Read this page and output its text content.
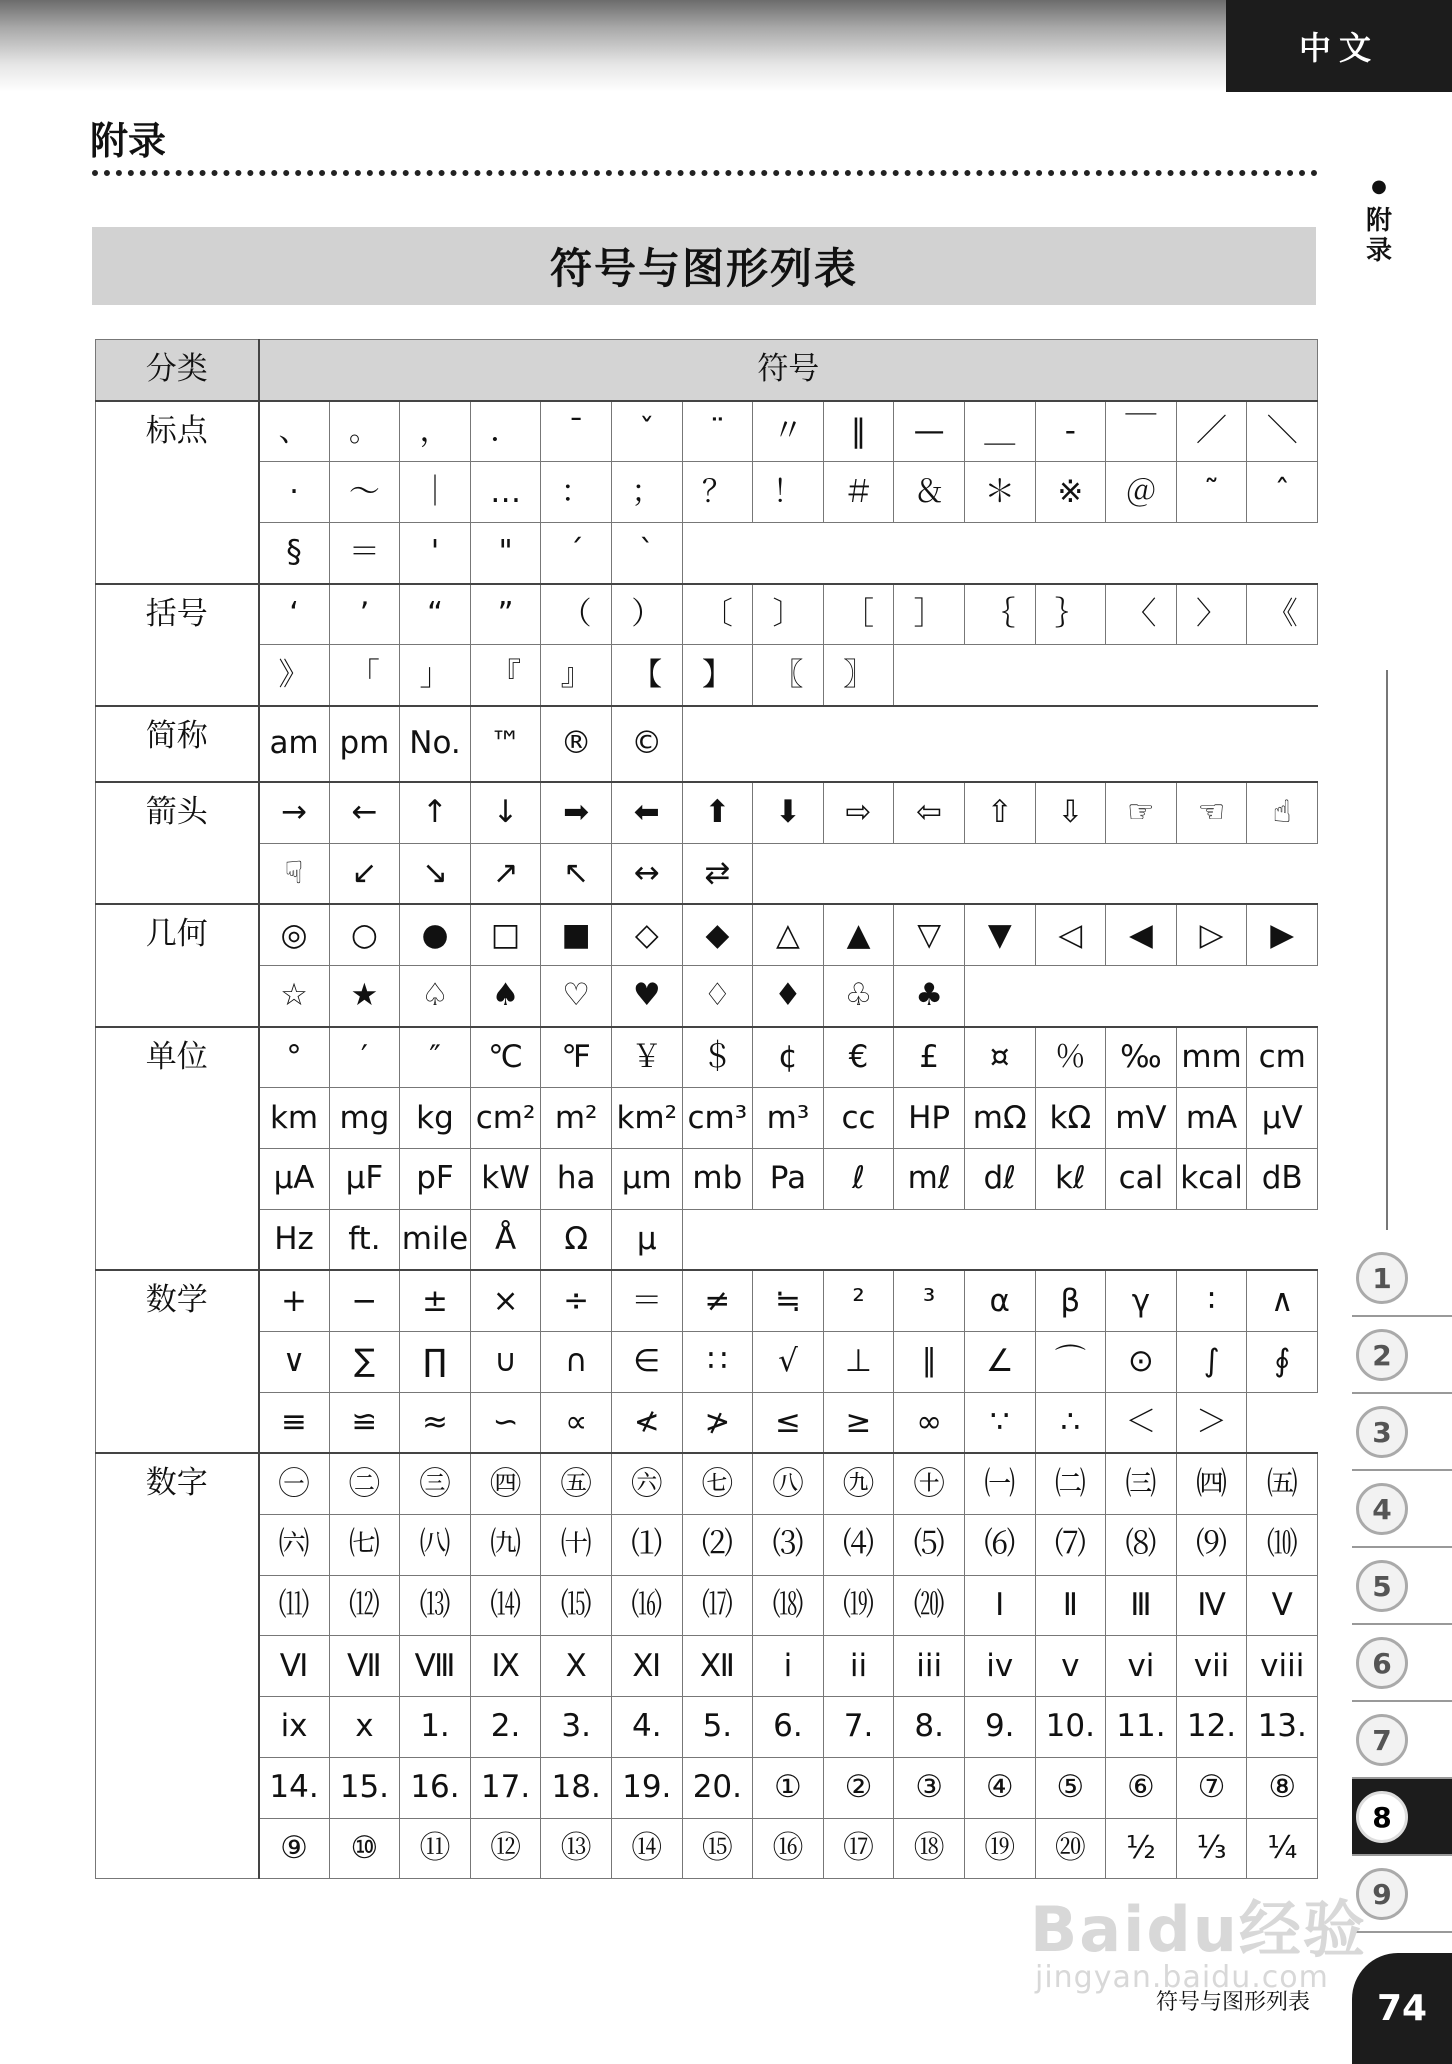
中文
附录
●
附
录
符号与图形列表
分类	符号														
标点	、	。	，	．	¯	ˇ	¨	〃	‖	—	＿	-	￣	／	＼
	·	～	｜	…	：	；	？	！	＃	＆	＊	※	＠	˜	ˆ
	§	＝	'	"	´	`									
括号	‘	’	“	”	（	）	〔	〕	［	］	｛	｝	〈	〉	《
	》	「	」	『	』	【	】	〖	〗						
简称	am	pm	No.	™	®	©									
箭头	→	←	↑	↓	➡	⬅	⬆	⬇	⇨	⇦	⇧	⇩	☞	☜	☝
	☟	↙	↘	↗	↖	↔	⇄								
几何	◎	○	●	□	■	◇	◆	△	▲	▽	▼	◁	◀	▷	▶
	☆	★	♤	♠	♡	♥	♢	♦	♧	♣					
单位	°	′	″	℃	℉	￥	＄	¢	€	£	¤	％	‰	mm	cm
	km	mg	kg	cm²	m²	km²	cm³	m³	cc	HP	mΩ	kΩ	mV	mA	μV
	μA	μF	pF	kW	ha	μm	mb	Pa	ℓ	mℓ	dℓ	kℓ	cal	kcal	dB
	Hz	ft.	mile	Å	Ω	μ									
数学	+	−	±	×	÷	＝	≠	≒	²	³	α	β	γ	∶	∧
	∨	∑	∏	∪	∩	∈	∷	√	⊥	∥	∠	⌒	⊙	∫	∮
	≡	≌	≈	∽	∝	≮	≯	≤	≥	∞	∵	∴	＜	＞	
数字	㊀	㊁	㊂	㊃	㊄	㊅	㊆	㊇	㊈	㊉	㈠	㈡	㈢	㈣	㈤
	㈥	㈦	㈧	㈨	㈩	⑴	⑵	⑶	⑷	⑸	⑹	⑺	⑻	⑼	⑽
	⑾	⑿	⒀	⒁	⒂	⒃	⒄	⒅	⒆	⒇	Ⅰ	Ⅱ	Ⅲ	Ⅳ	Ⅴ
	Ⅵ	Ⅶ	Ⅷ	Ⅸ	Ⅹ	Ⅺ	Ⅻ	i	ii	iii	iv	v	vi	vii	viii
	ix	x	1.	2.	3.	4.	5.	6.	7.	8.	9.	10.	11.	12.	13.
	14.	15.	16.	17.	18.	19.	20.	①	②	③	④	⑤	⑥	⑦	⑧
	⑨	⑩	⑪	⑫	⑬	⑭	⑮	⑯	⑰	⑱	⑲	⑳	½	⅓	¼
1
2
3
4
5
6
7
8
9
Baidu经验
jingyan.baidu.com
符号与图形列表	74
